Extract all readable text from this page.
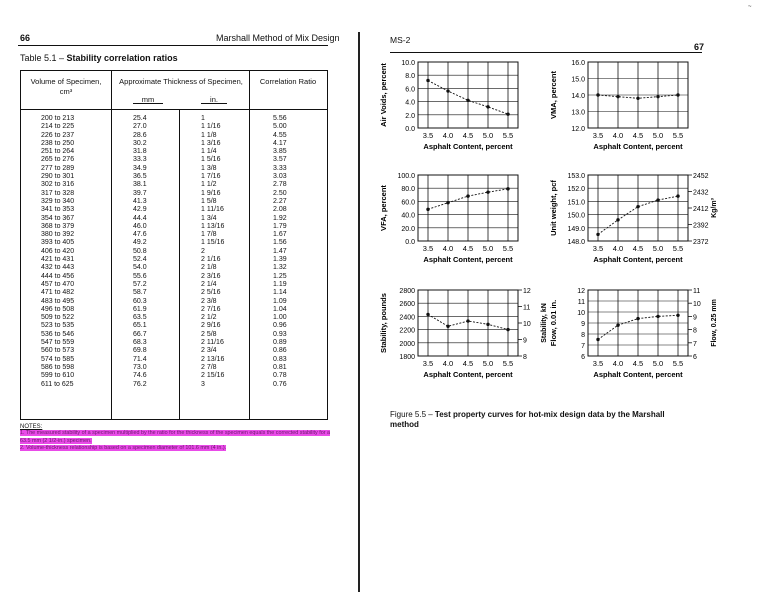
~
66	Marshall Method of Mix Design
Table 5.1 – Stability correlation ratios
Volume of Specimen, cm³
Approximate Thickness of Specimen,
mm	in.
Correlation Ratio
200 to 213
214 to 225
226 to 237
238 to 250
251 to 264
265 to 276
277 to 289
290 to 301
302 to 316
317 to 328
329 to 340
341 to 353
354 to 367
368 to 379
380 to 392
393 to 405
406 to 420
421 to 431
432 to 443
444 to 456
457 to 470
471 to 482
483 to 495
496 to 508
509 to 522
523 to 535
536 to 546
547 to 559
560 to 573
574 to 585
586 to 598
599 to 610
611 to 625
25.4
27.0
28.6
30.2
31.8
33.3
34.9
36.5
38.1
39.7
41.3
42.9
44.4
46.0
47.6
49.2
50.8
52.4
54.0
55.6
57.2
58.7
60.3
61.9
63.5
65.1
66.7
68.3
69.8
71.4
73.0
74.6
76.2
1
1 1/16
1 1/8
1 3/16
1 1/4
1 5/16
1 3/8
1 7/16
1 1/2
1 9/16
1 5/8
1 11/16
1 3/4
1 13/16
1 7/8
1 15/16
2
2 1/16
2 1/8
2 3/16
2 1/4
2 5/16
2 3/8
2 7/16
2 1/2
2 9/16
2 5/8
2 11/16
2 3/4
2 13/16
2 7/8
2 15/16
3
5.56
5.00
4.55
4.17
3.85
3.57
3.33
3.03
2.78
2.50
2.27
2.08
1.92
1.79
1.67
1.56
1.47
1.39
1.32
1.25
1.19
1.14
1.09
1.04
1.00
0.96
0.93
0.89
0.86
0.83
0.81
0.78
0.76
NOTES:
1. The measured stability of a specimen multiplied by the ratio for the thickness of the specimen equals the corrected stability for a 63.5 mm (2 1/2-in.) specimen.
2. Volume-thickness relationship is based on a specimen diameter of 101.6 mm (4 in.).
MS-2
67
0.0
2.0
4.0
6.0
8.0
10.0
3.5 4.0 4.5 5.0 5.5
Asphalt Content, percent
Air Voids, percent
12.0
13.0
14.0
15.0
16.0
3.5 4.0 4.5 5.0 5.5
Asphalt Content, percent
VMA, percent
0.0
20.0
40.0
60.0
80.0
100.0
3.5 4.0 4.5 5.0 5.5
Asphalt Content, percent
VFA, percent
148.0
149.0
150.0
151.0
152.0
153.0
2372
2392
2412
2432
2452
Kg/m³
3.5 4.0 4.5 5.0 5.5
Asphalt Content, percent
Unit weight, pcf
1800
2000
2200
2400
2600
2800
8
9
10
11
12
Stability, kN
3.5 4.0 4.5 5.0 5.5
Asphalt Content, percent
Stability, pounds
6
7
8
9
10
11
12
6
7
8
9
10
11
Flow, 0.25 mm
3.5 4.0 4.5 5.0 5.5
Asphalt Content, percent
Flow, 0.01 in.
Figure 5.5 – Test property curves for hot-mix design data by the Marshall method
